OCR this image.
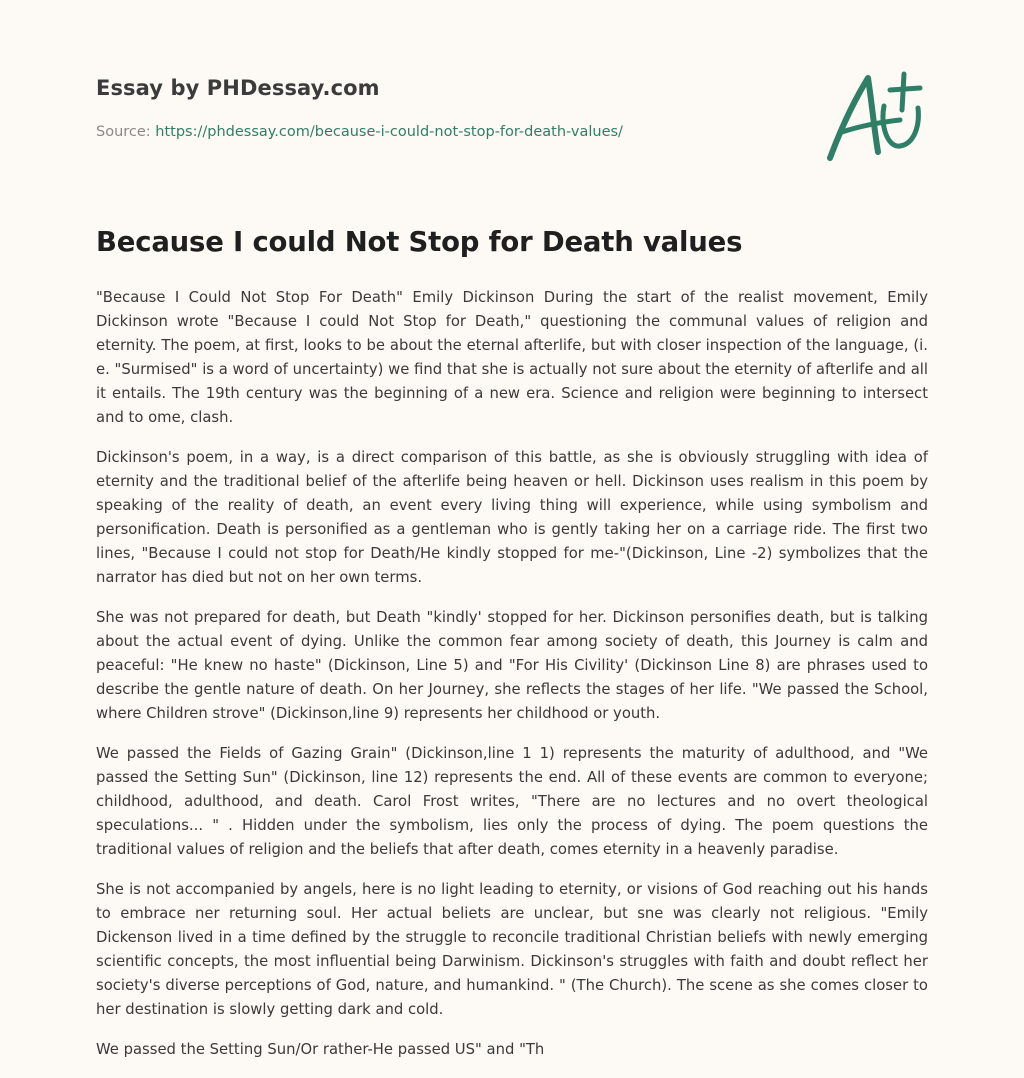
Essay by PHDessay.com
Source: https://phdessay.com/because-i-could-not-stop-for-death-values/
Because I could Not Stop for Death values

"Because I Could Not Stop For Death" Emily Dickinson During the start of the realist movement, Emily Dickinson wrote "Because I could Not Stop for Death," questioning the communal values of religion and eternity. The poem, at first, looks to be about the eternal afterlife, but with closer inspection of the language, (i. e. "Surmised" is a word of uncertainty) we find that she is actually not sure about the eternity of afterlife and all it entails. The 19th century was the beginning of a new era. Science and religion were beginning to intersect and to ome, clash.

Dickinson's poem, in a way, is a direct comparison of this battle, as she is obviously struggling with idea of eternity and the traditional belief of the afterlife being heaven or hell. Dickinson uses realism in this poem by speaking of the reality of death, an event every living thing will experience, while using symbolism and personification. Death is personified as a gentleman who is gently taking her on a carriage ride. The first two lines, "Because I could not stop for Death/He kindly stopped for me-"(Dickinson, Line -2) symbolizes that the narrator has died but not on her own terms.

She was not prepared for death, but Death "kindly' stopped for her. Dickinson personifies death, but is talking about the actual event of dying. Unlike the common fear among society of death, this Journey is calm and peaceful: "He knew no haste" (Dickinson, Line 5) and "For His Civility' (Dickinson Line 8) are phrases used to describe the gentle nature of death. On her Journey, she reflects the stages of her life. "We passed the School, where Children strove" (Dickinson,line 9) represents her childhood or youth.

We passed the Fields of Gazing Grain" (Dickinson,line 1 1) represents the maturity of adulthood, and "We passed the Setting Sun" (Dickinson, line 12) represents the end. All of these events are common to everyone; childhood, adulthood, and death. Carol Frost writes, "There are no lectures and no overt theological speculations... " . Hidden under the symbolism, lies only the process of dying. The poem questions the traditional values of religion and the beliefs that after death, comes eternity in a heavenly paradise.

She is not accompanied by angels, here is no light leading to eternity, or visions of God reaching out his hands to embrace ner returning soul. Her actual beliets are unclear, but sne was clearly not religious. "Emily Dickenson lived in a time defined by the struggle to reconcile traditional Christian beliefs with newly emerging scientific concepts, the most influential being Darwinism. Dickinson's struggles with faith and doubt reflect her society's diverse perceptions of God, nature, and humankind. " (The Church). The scene as she comes closer to her destination is slowly getting dark and cold.

We passed the Setting Sun/Or rather-He passed US" and "Th
